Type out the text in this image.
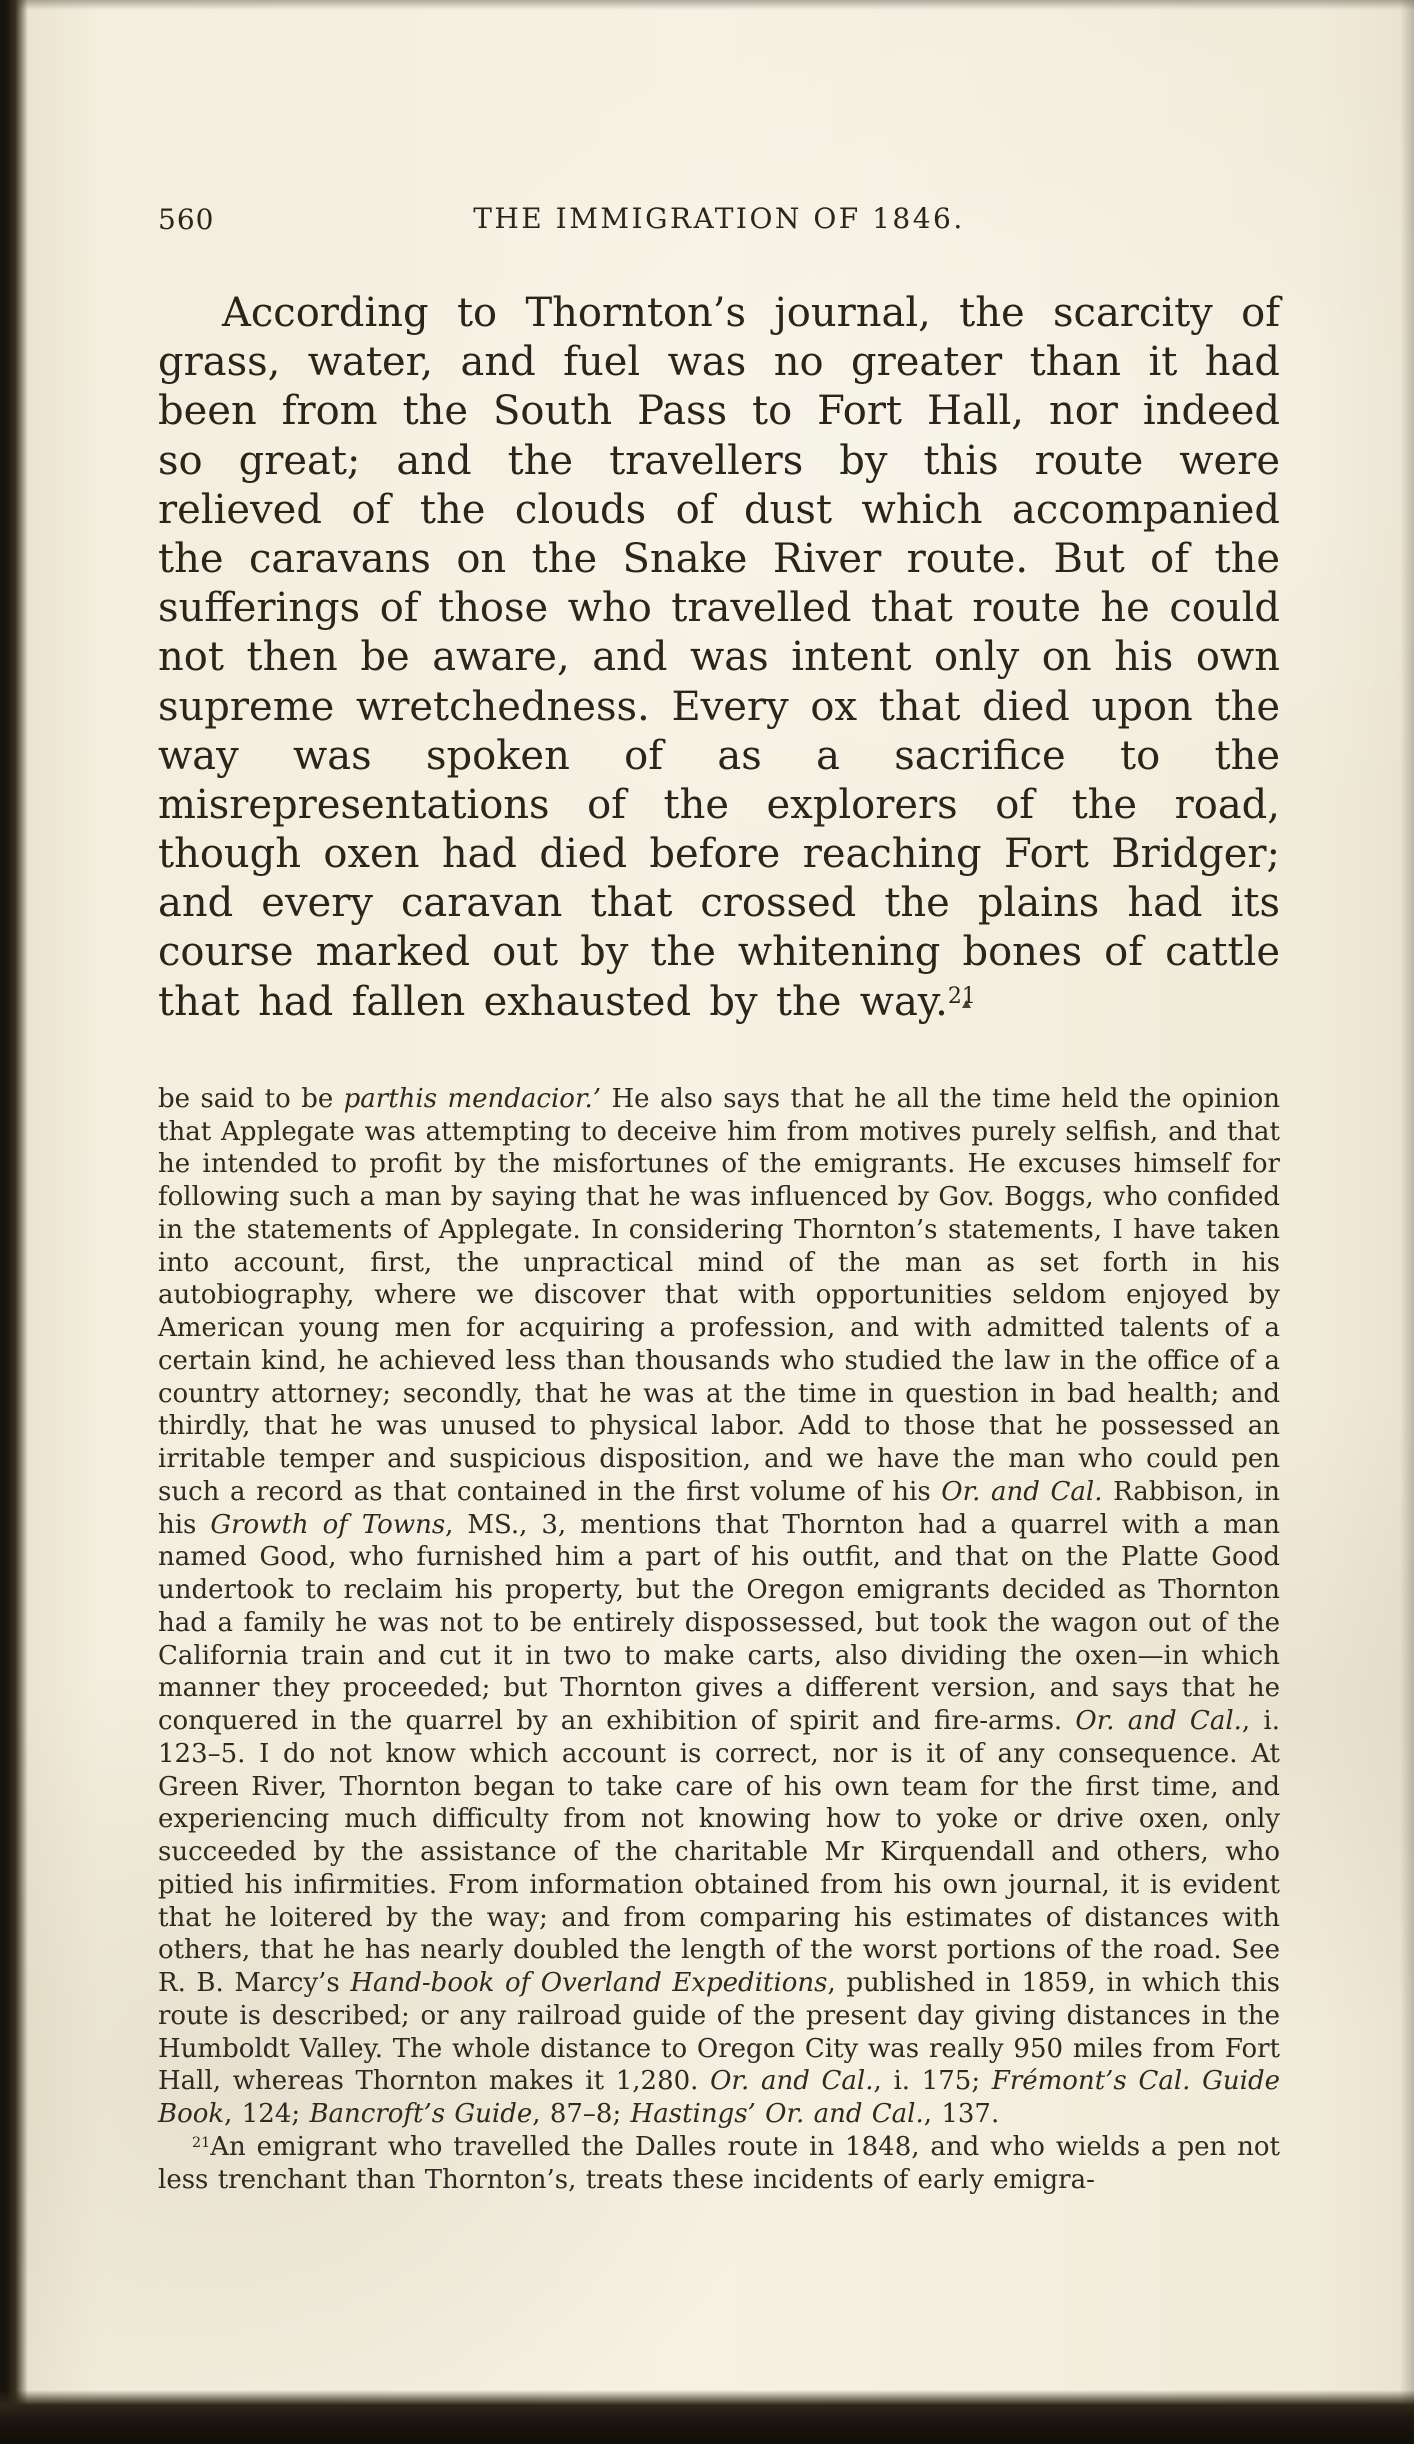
560	THE IMMIGRATION OF 1846.

According to Thornton’s journal, the scarcity of grass, water, and fuel was no greater than it had been from the South Pass to Fort Hall, nor indeed so great; and the travellers by this route were relieved of the clouds of dust which accompanied the caravans on the Snake River route. But of the sufferings of those who travelled that route he could not then be aware, and was intent only on his own supreme wretchedness. Every ox that died upon the way was spoken of as a sacrifice to the misrepresentations of the explorers of the road, though oxen had died before reaching Fort Bridger; and every caravan that crossed the plains had its course marked out by the whitening bones of cattle that had fallen exhausted by the way.$^{21}$

be said to be parthis mendacior.’ He also says that he all the time held the opinion that Applegate was attempting to deceive him from motives purely selfish, and that he intended to profit by the misfortunes of the emigrants. He excuses himself for following such a man by saying that he was influenced by Gov. Boggs, who confided in the statements of Applegate. In considering Thornton’s statements, I have taken into account, first, the unpractical mind of the man as set forth in his autobiography, where we discover that with opportunities seldom enjoyed by American young men for acquiring a profession, and with admitted talents of a certain kind, he achieved less than thousands who studied the law in the office of a country attorney; secondly, that he was at the time in question in bad health; and thirdly, that he was unused to physical labor. Add to those that he possessed an irritable temper and suspicious disposition, and we have the man who could pen such a record as that contained in the first volume of his Or. and Cal. Rabbison, in his Growth of Towns, MS., 3, mentions that Thornton had a quarrel with a man named Good, who furnished him a part of his outfit, and that on the Platte Good undertook to reclaim his property, but the Oregon emigrants decided as Thornton had a family he was not to be entirely dispossessed, but took the wagon out of the California train and cut it in two to make carts, also dividing the oxen—in which manner they proceeded; but Thornton gives a different version, and says that he conquered in the quarrel by an exhibition of spirit and fire-arms. Or. and Cal., i. 123–5. I do not know which account is correct, nor is it of any consequence. At Green River, Thornton began to take care of his own team for the first time, and experiencing much difficulty from not knowing how to yoke or drive oxen, only succeeded by the assistance of the charitable Mr Kirquendall and others, who pitied his infirmities. From information obtained from his own journal, it is evident that he loitered by the way; and from comparing his estimates of distances with others, that he has nearly doubled the length of the worst portions of the road. See R. B. Marcy’s Hand-book of Overland Expeditions, published in 1859, in which this route is described; or any railroad guide of the present day giving distances in the Humboldt Valley. The whole distance to Oregon City was really 950 miles from Fort Hall, whereas Thornton makes it 1,280. Or. and Cal., i. 175; Frémont’s Cal. Guide Book, 124; Bancroft’s Guide, 87–8; Hastings’ Or. and Cal., 137.

$^{21}$An emigrant who travelled the Dalles route in 1848, and who wields a pen not less trenchant than Thornton’s, treats these incidents of early emigra-
